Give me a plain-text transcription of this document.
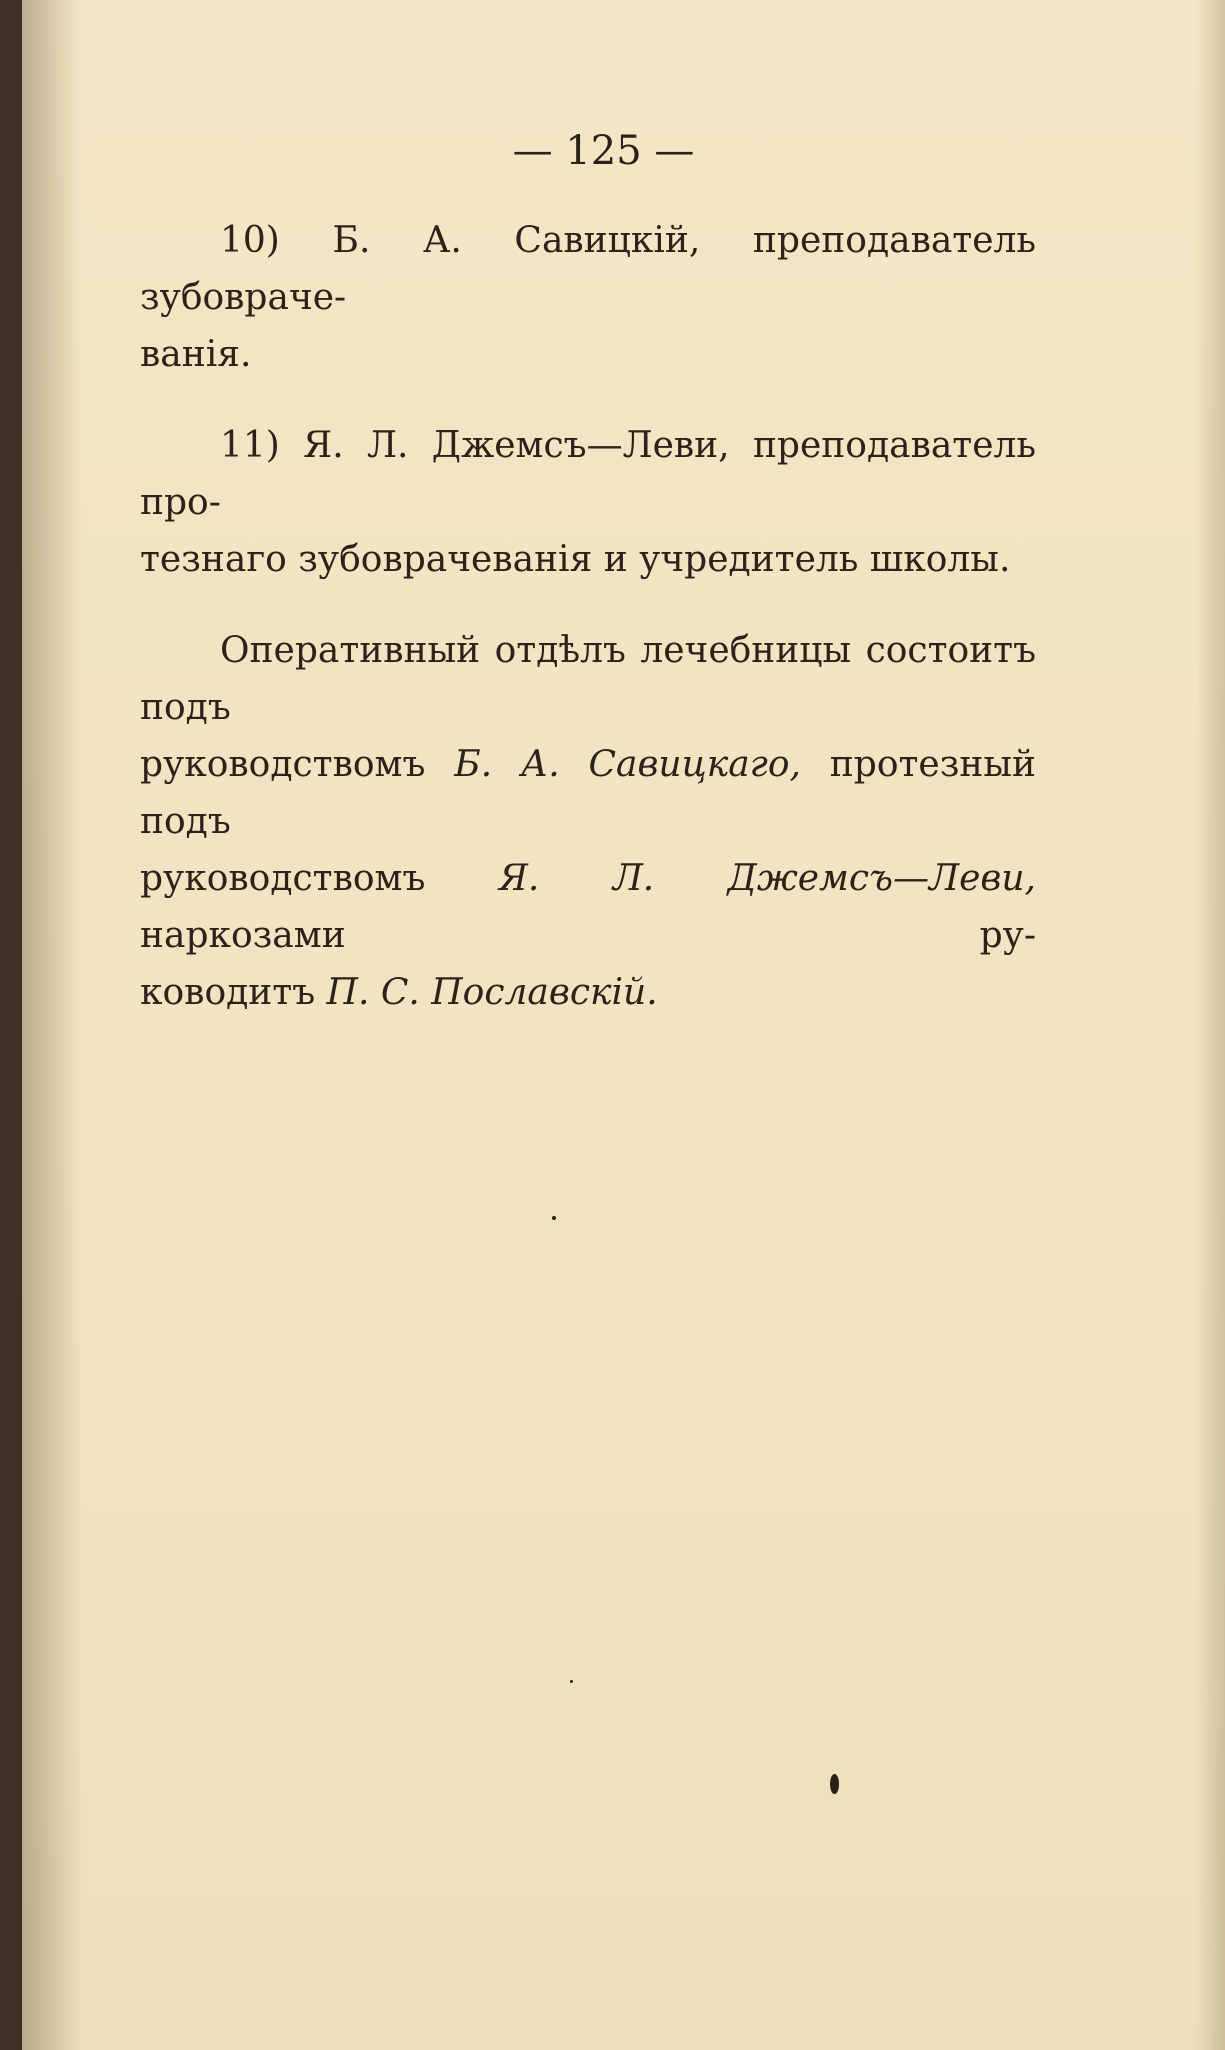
— 125 —
10) Б. А. Савицкій, преподаватель зубовраче-
ванія.
11) Я. Л. Джемсъ—Леви, преподаватель про-
тезнаго зубоврачеванія и учредитель школы.
Оперативный отдѣлъ лечебницы состоитъ подъ
руководствомъ Б. А. Савицкаго, протезный подъ
руководствомъ Я. Л. Джемсъ—Леви, наркозами ру-
ководитъ П. С. Пославскій.
